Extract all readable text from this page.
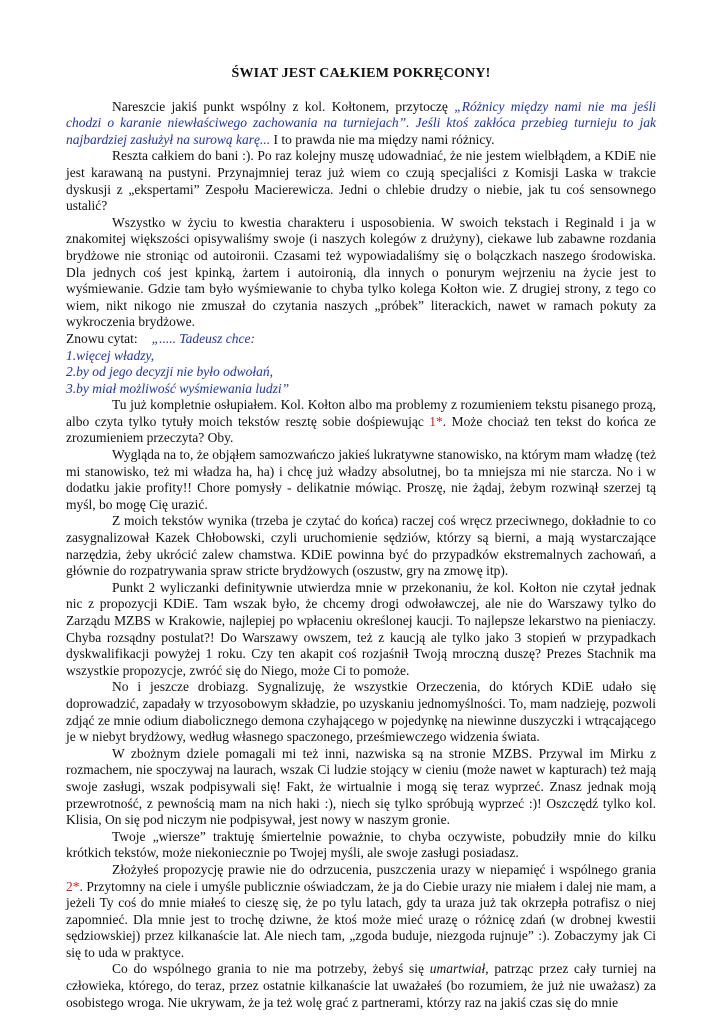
ŚWIAT JEST CAŁKIEM POKRĘCONY!

Nareszcie jakiś punkt wspólny z kol. Kołtonem, przytoczę „Różnicy między nami nie ma jeśli chodzi o karanie niewłaściwego zachowania na turniejach”. Jeśli ktoś zakłóca przebieg turnieju to jak najbardziej zasłużył na surową karę... I to prawda nie ma między nami różnicy.

Reszta całkiem do bani :). Po raz kolejny muszę udowadniać, że nie jestem wielbłądem, a KDiE nie jest karawaną na pustyni. Przynajmniej teraz już wiem co czują specjaliści z Komisji Laska w trakcie dyskusji z „ekspertami” Zespołu Macierewicza. Jedni o chlebie drudzy o niebie, jak tu coś sensownego ustalić?

Wszystko w życiu to kwestia charakteru i usposobienia. W swoich tekstach i Reginald i ja w znakomitej większości opisywaliśmy swoje (i naszych kolegów z drużyny), ciekawe lub zabawne rozdania brydżowe nie stroniąc od autoironii. Czasami też wypowiadaliśmy się o bolączkach naszego środowiska. Dla jednych coś jest kpinką, żartem i autoironią, dla innych o ponurym wejrzeniu na życie jest to wyśmiewanie. Gdzie tam było wyśmiewanie to chyba tylko kolega Kołton wie. Z drugiej strony, z tego co wiem, nikt nikogo nie zmuszał do czytania naszych „próbek” literackich, nawet w ramach pokuty za wykroczenia brydżowe.

Znowu cytat: „..... Tadeusz chce:

1.więcej władzy,

2.by od jego decyzji nie było odwołań,

3.by miał możliwość wyśmiewania ludzi”

Tu już kompletnie osłupiałem. Kol. Kołton albo ma problemy z rozumieniem tekstu pisanego prozą, albo czyta tylko tytuły moich tekstów resztę sobie dośpiewując 1*. Może chociaż ten tekst do końca ze zrozumieniem przeczyta? Oby.

Wygląda na to, że objąłem samozwańczo jakieś lukratywne stanowisko, na którym mam władzę (też mi stanowisko, też mi władza ha, ha) i chcę już władzy absolutnej, bo ta mniejsza mi nie starcza. No i w dodatku jakie profity!! Chore pomysły - delikatnie mówiąc. Proszę, nie żądaj, żebym rozwinął szerzej tą myśl, bo mogę Cię urazić.

Z moich tekstów wynika (trzeba je czytać do końca) raczej coś wręcz przeciwnego, dokładnie to co zasygnalizował Kazek Chłobowski, czyli uruchomienie sędziów, którzy są bierni, a mają wystarczające narzędzia, żeby ukrócić zalew chamstwa. KDiE powinna być do przypadków ekstremalnych zachowań, a głównie do rozpatrywania spraw stricte brydżowych (oszustw, gry na zmowę itp).

Punkt 2 wyliczanki definitywnie utwierdza mnie w przekonaniu, że kol. Kołton nie czytał jednak nic z propozycji KDiE. Tam wszak było, że chcemy drogi odwoławczej, ale nie do Warszawy tylko do Zarządu MZBS w Krakowie, najlepiej po wpłaceniu określonej kaucji. To najlepsze lekarstwo na pieniaczy. Chyba rozsądny postulat?! Do Warszawy owszem, też z kaucją ale tylko jako 3 stopień w przypadkach dyskwalifikacji powyżej 1 roku. Czy ten akapit coś rozjaśnił Twoją mroczną duszę? Prezes Stachnik ma wszystkie propozycje, zwróć się do Niego, może Ci to pomoże.

No i jeszcze drobiazg. Sygnalizuję, że wszystkie Orzeczenia, do których KDiE udało się doprowadzić, zapadały w trzyosobowym składzie, po uzyskaniu jednomyślności. To, mam nadzieję, pozwoli zdjąć ze mnie odium diabolicznego demona czyhającego w pojedynkę na niewinne duszyczki i wtrącającego je w niebyt brydżowy, według własnego spaczonego, prześmiewczego widzenia świata.

W zbożnym dziele pomagali mi też inni, nazwiska są na stronie MZBS. Przywal im Mirku z rozmachem, nie spoczywaj na laurach, wszak Ci ludzie stojący w cieniu (może nawet w kapturach) też mają swoje zasługi, wszak podpisywali się! Fakt, że wirtualnie i mogą się teraz wyprzeć. Znasz jednak moją przewrotność, z pewnością mam na nich haki :), niech się tylko spróbują wyprzeć :)! Oszczędź tylko kol. Klisia, On się pod niczym nie podpisywał, jest nowy w naszym gronie.

Twoje „wiersze” traktuję śmiertelnie poważnie, to chyba oczywiste, pobudziły mnie do kilku krótkich tekstów, może niekoniecznie po Twojej myśli, ale swoje zasługi posiadasz.

Złożyłeś propozycję prawie nie do odrzucenia, puszczenia urazy w niepamięć i wspólnego grania 2*. Przytomny na ciele i umyśle publicznie oświadczam, że ja do Ciebie urazy nie miałem i dalej nie mam, a jeżeli Ty coś do mnie miałeś to cieszę się, że po tylu latach, gdy ta uraza już tak okrzepła potrafisz o niej zapomnieć. Dla mnie jest to trochę dziwne, że ktoś może mieć urazę o różnicę zdań (w drobnej kwestii sędziowskiej) przez kilkanaście lat. Ale niech tam, „zgoda buduje, niezgoda rujnuje” :). Zobaczymy jak Ci się to uda w praktyce.

Co do wspólnego grania to nie ma potrzeby, żebyś się umartwiał, patrząc przez cały turniej na człowieka, którego, do teraz, przez ostatnie kilkanaście lat uważałeś (bo rozumiem, że już nie uważasz) za osobistego wroga. Nie ukrywam, że ja też wolę grać z partnerami, którzy raz na jakiś czas się do mnie
